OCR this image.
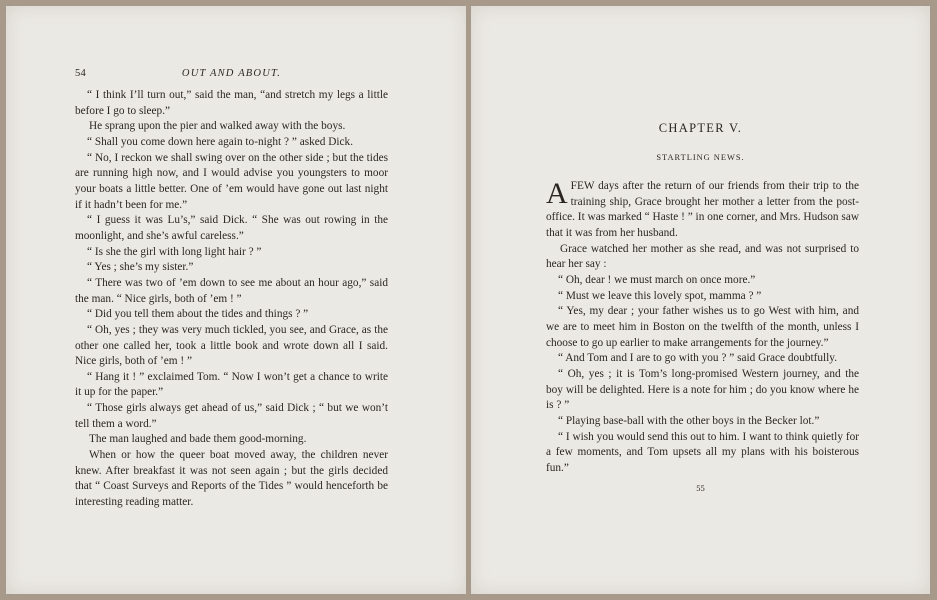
54	OUT AND ABOUT.
“ I think I’ll turn out,” said the man, “and stretch my legs a little before I go to sleep.”
He sprang upon the pier and walked away with the boys.
“ Shall you come down here again to-night ? ” asked Dick.
“ No, I reckon we shall swing over on the other side ; but the tides are running high now, and I would advise you youngsters to moor your boats a little better. One of ’em would have gone out last night if it hadn’t been for me.”
“ I guess it was Lu’s,” said Dick. “ She was out rowing in the moonlight, and she’s awful careless.”
“ Is she the girl with long light hair ? ”
“ Yes ; she’s my sister.”
“ There was two of ’em down to see me about an hour ago,” said the man. “ Nice girls, both of ’em ! ”
“ Did you tell them about the tides and things ? ”
“ Oh, yes ; they was very much tickled, you see, and Grace, as the other one called her, took a little book and wrote down all I said. Nice girls, both of ’em ! ”
“ Hang it ! ” exclaimed Tom. “ Now I won’t get a chance to write it up for the paper.”
“ Those girls always get ahead of us,” said Dick ; “ but we won’t tell them a word.”
The man laughed and bade them good-morning.
When or how the queer boat moved away, the children never knew. After breakfast it was not seen again ; but the girls decided that “ Coast Surveys and Reports of the Tides ” would henceforth be interesting reading matter.
CHAPTER V.
STARTLING NEWS.
AFEW days after the return of our friends from their trip to the training ship, Grace brought her mother a letter from the post-office. It was marked “ Haste ! ” in one corner, and Mrs. Hudson saw that it was from her husband.
Grace watched her mother as she read, and was not surprised to hear her say :
“ Oh, dear ! we must march on once more.”
“ Must we leave this lovely spot, mamma ? ”
“ Yes, my dear ; your father wishes us to go West with him, and we are to meet him in Boston on the twelfth of the month, unless I choose to go up earlier to make arrangements for the journey.”
“ And Tom and I are to go with you ? ” said Grace doubtfully.
“ Oh, yes ; it is Tom’s long-promised Western journey, and the boy will be delighted. Here is a note for him ; do you know where he is ? ”
“ Playing base-ball with the other boys in the Becker lot.”
“ I wish you would send this out to him. I want to think quietly for a few moments, and Tom upsets all my plans with his boisterous fun.”
55
